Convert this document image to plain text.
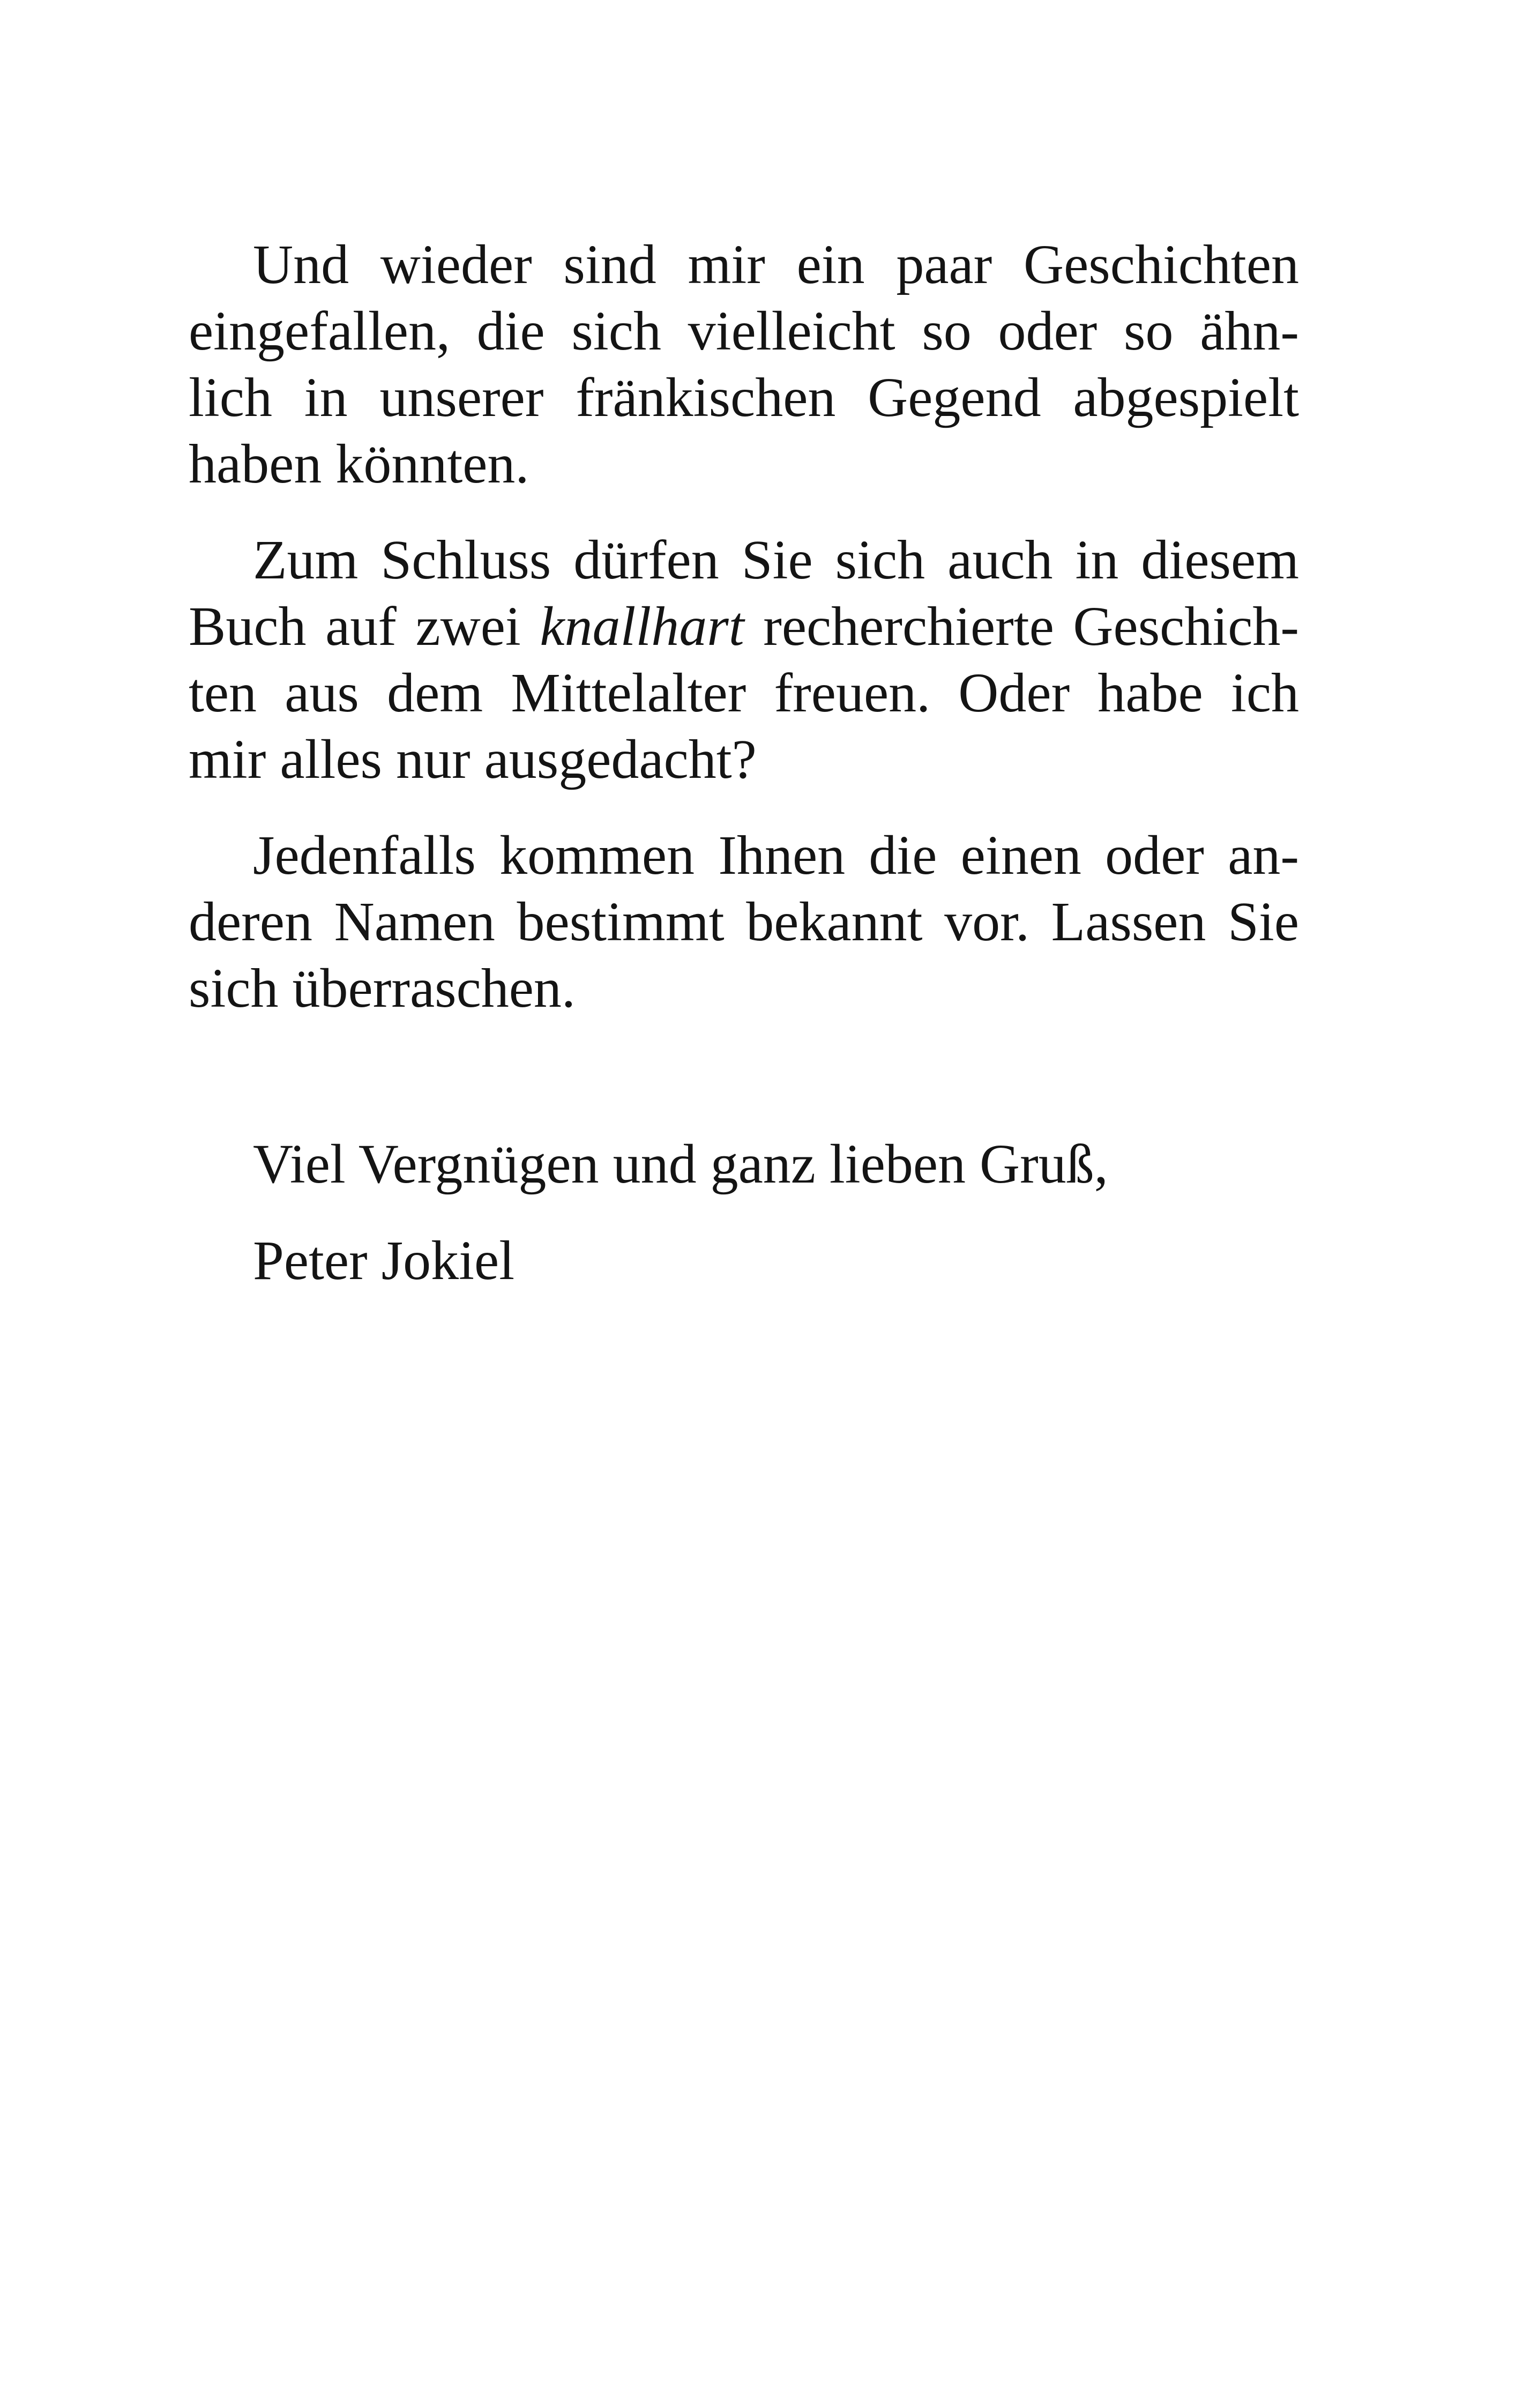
Und wieder sind mir ein paar Geschichten
eingefallen, die sich vielleicht so oder so ähn-
lich in unserer fränkischen Gegend abgespielt
haben könnten.

Zum Schluss dürfen Sie sich auch in diesem
Buch auf zwei knallhart recherchierte Geschich-
ten aus dem Mittelalter freuen. Oder habe ich
mir alles nur ausgedacht?

Jedenfalls kommen Ihnen die einen oder an-
deren Namen bestimmt bekannt vor. Lassen Sie
sich überraschen.

Viel Vergnügen und ganz lieben Gruß,
Peter Jokiel
